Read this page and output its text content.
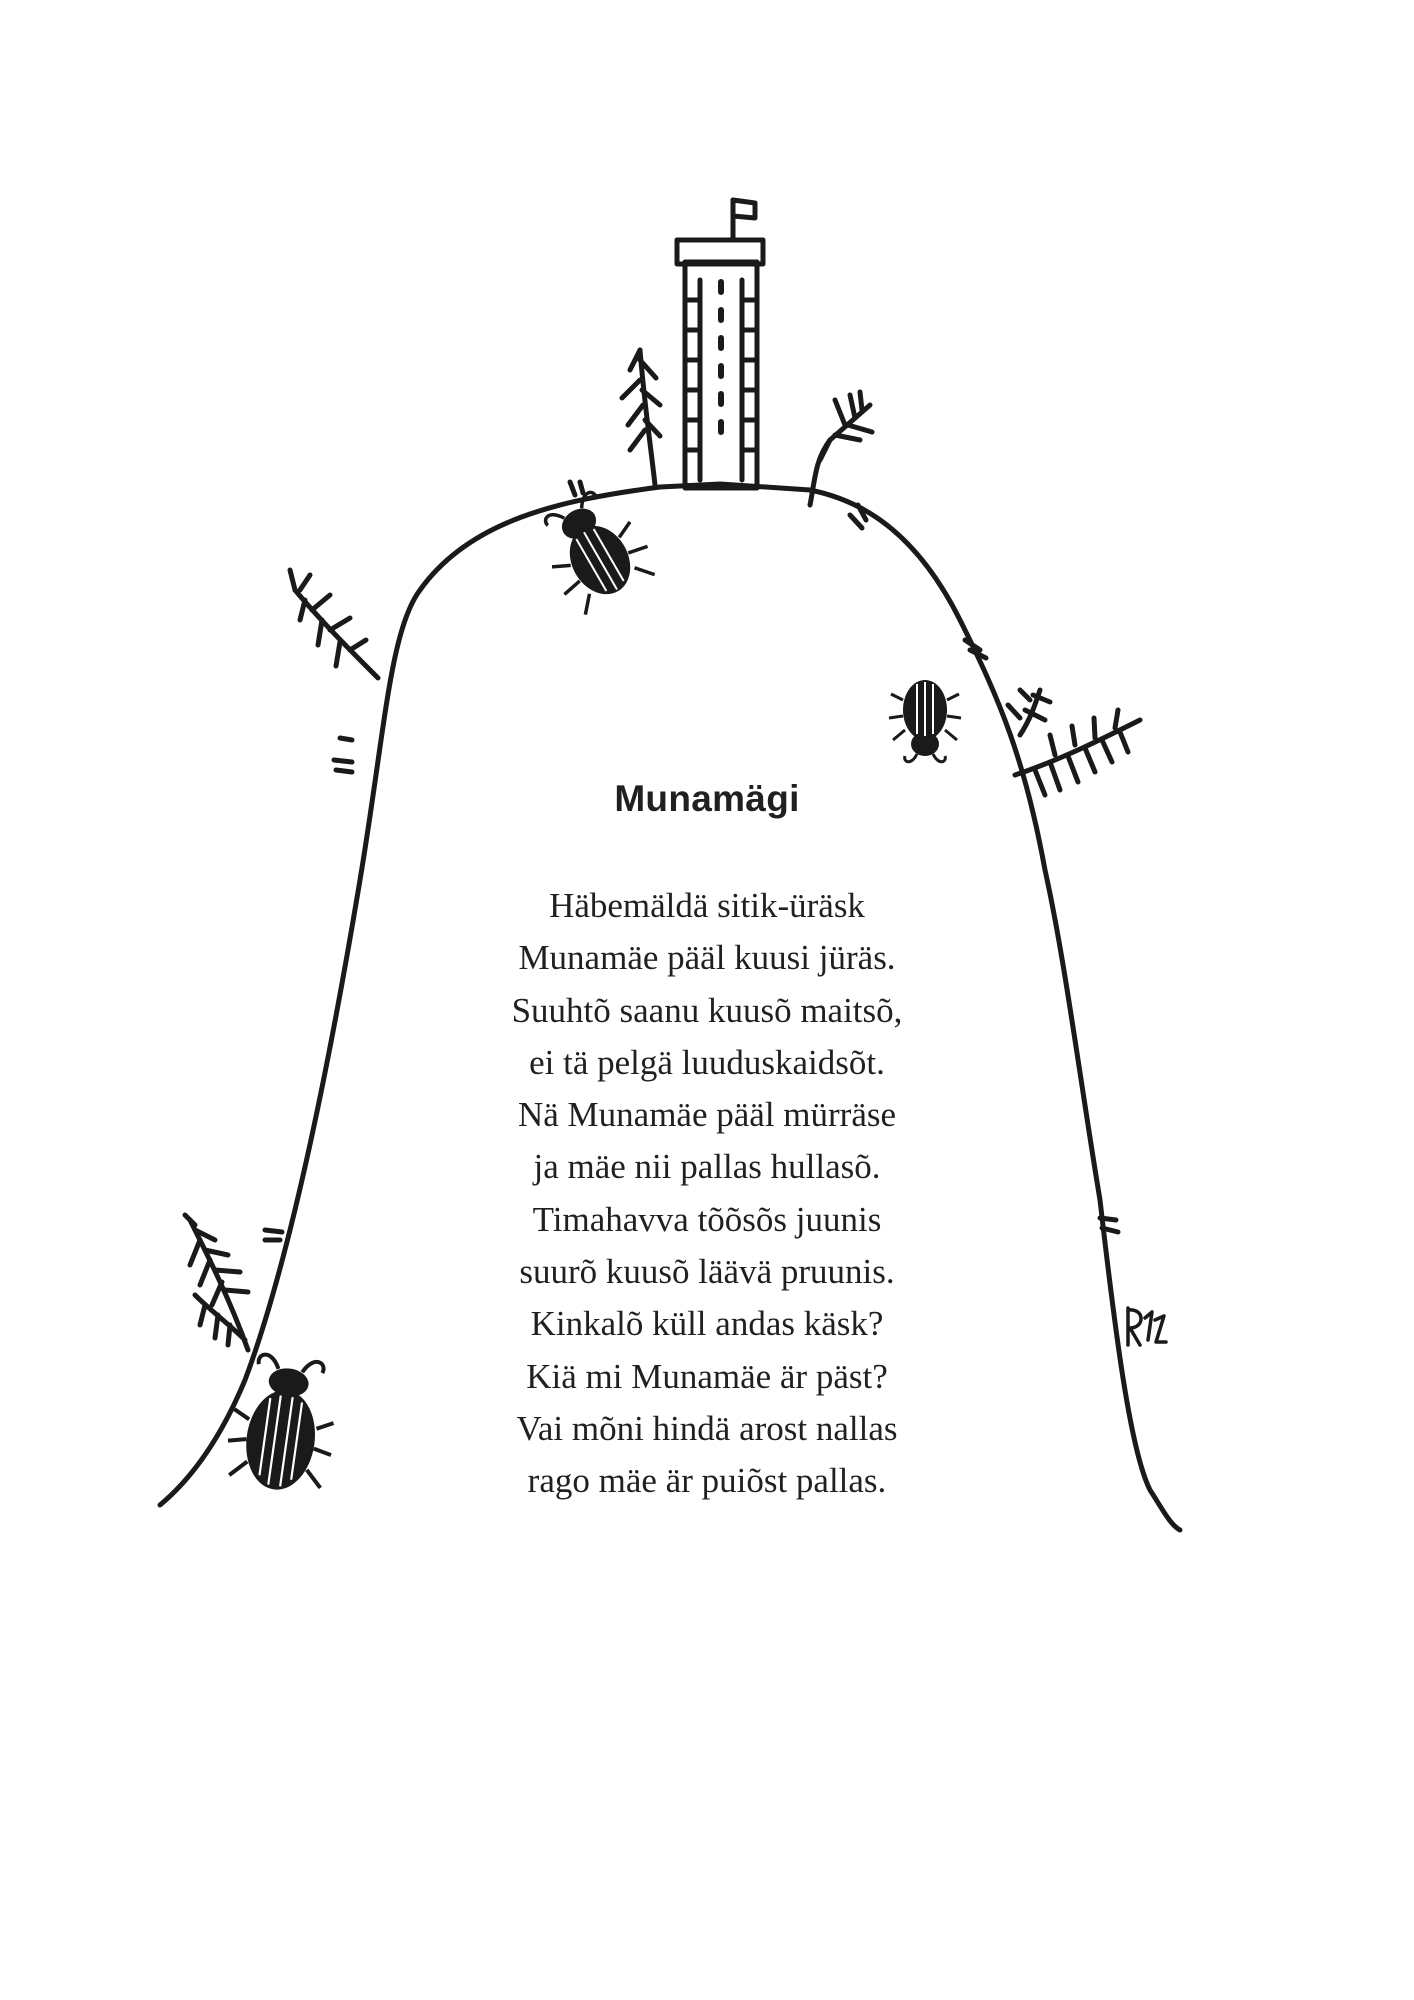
Munamägi
Häbemäldä sitik-üräsk
Munamäe pääl kuusi jüräs.
Suuhtõ saanu kuusõ maitsõ,
ei tä pelgä luuduskaidsõt.
Nä Munamäe pääl mürräse
ja mäe nii pallas hullasõ.
Timahavva tõõsõs juunis
suurõ kuusõ läävä pruunis.
Kinkalõ küll andas käsk?
Kiä mi Munamäe är päst?
Vai mõni hindä arost nallas
rago mäe är puiõst pallas.
